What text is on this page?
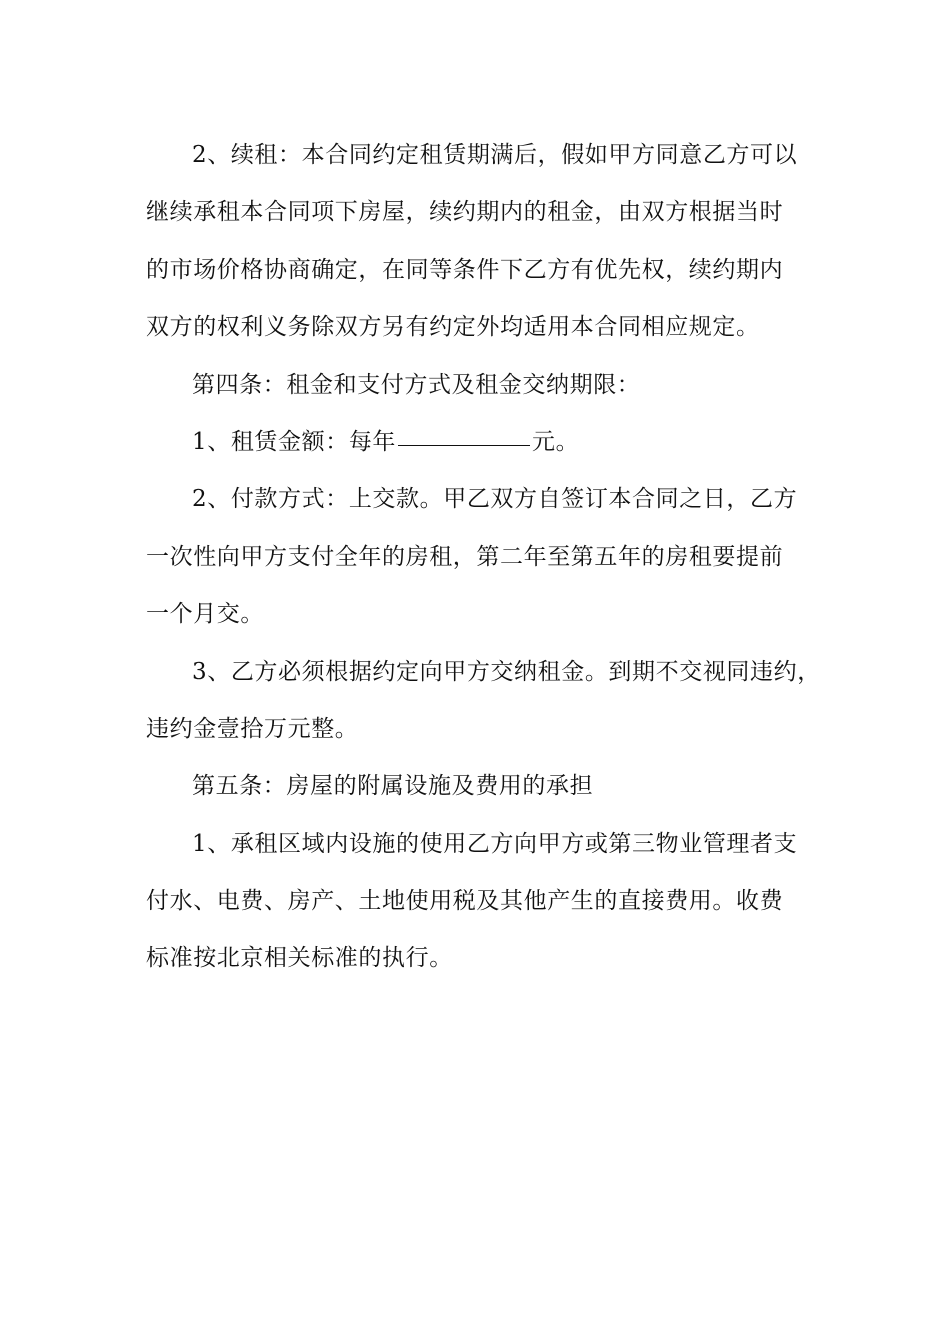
2、续租：本合同约定租赁期满后，假如甲方同意乙方可以
继续承租本合同项下房屋，续约期内的租金，由双方根据当时
的市场价格协商确定，在同等条件下乙方有优先权，续约期内
双方的权利义务除双方另有约定外均适用本合同相应规定。
第四条：租金和支付方式及租金交纳期限：
1、租赁金额：每年	元。
2、付款方式：上交款。甲乙双方自签订本合同之日，乙方
一次性向甲方支付全年的房租，第二年至第五年的房租要提前
一个月交。
3、乙方必须根据约定向甲方交纳租金。到期不交视同违约，
违约金壹拾万元整。
第五条：房屋的附属设施及费用的承担
1、承租区域内设施的使用乙方向甲方或第三物业管理者支
付水、电费、房产、土地使用税及其他产生的直接费用。收费
标准按北京相关标准的执行。
